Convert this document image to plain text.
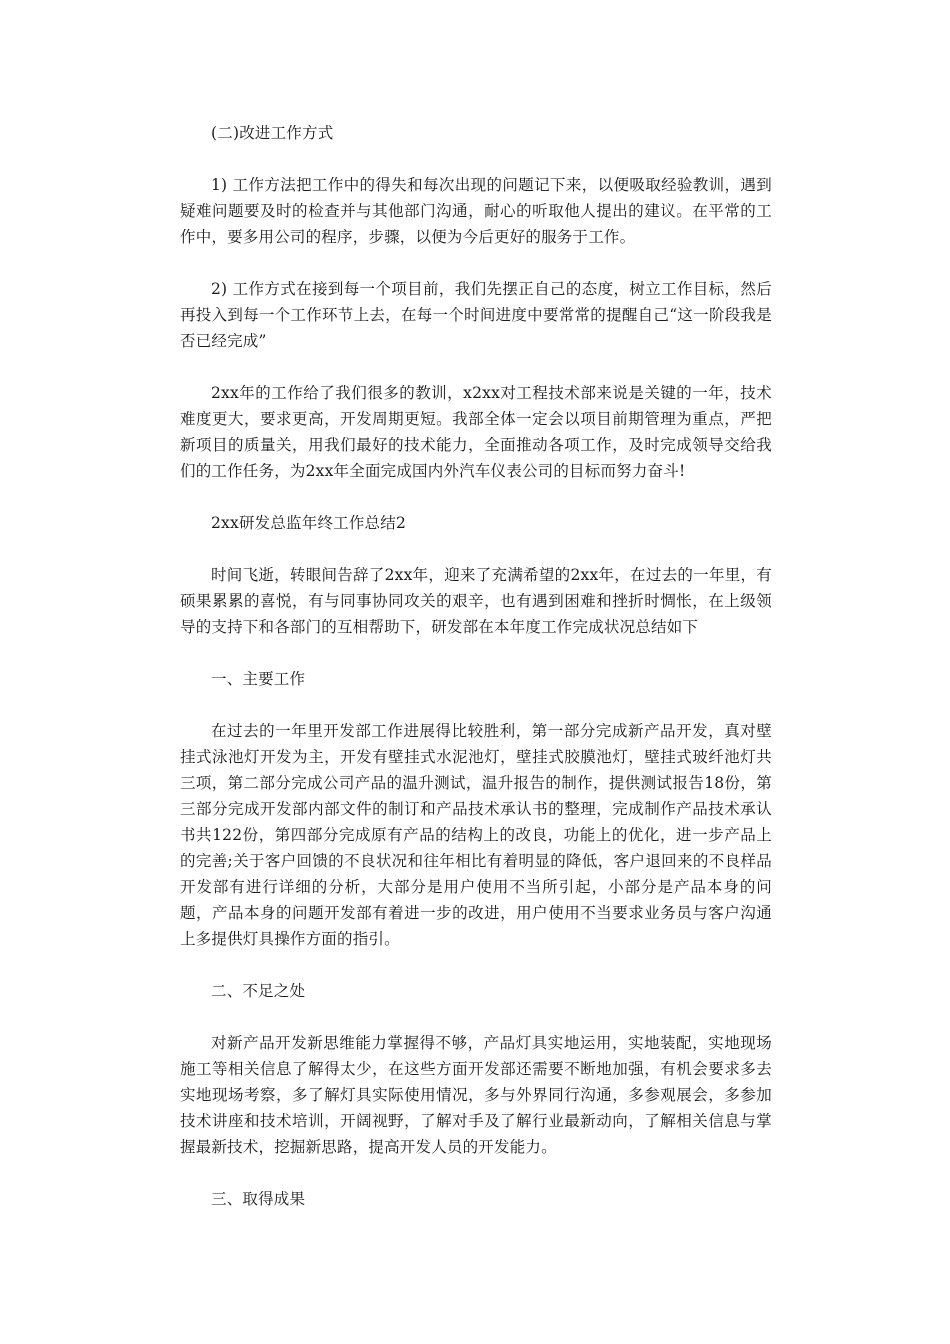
(二)改进工作方式

1) 工作方法把工作中的得失和每次出现的问题记下来，以便吸取经验教训，遇到疑难问题要及时的检查并与其他部门沟通，耐心的听取他人提出的建议。在平常的工作中，要多用公司的程序，步骤，以便为今后更好的服务于工作。

2) 工作方式在接到每一个项目前，我们先摆正自己的态度，树立工作目标，然后再投入到每一个工作环节上去，在每一个时间进度中要常常的提醒自己“这一阶段我是否已经完成”

2xx年的工作给了我们很多的教训，x2xx对工程技术部来说是关键的一年，技术难度更大，要求更高，开发周期更短。我部全体一定会以项目前期管理为重点，严把新项目的质量关，用我们最好的技术能力，全面推动各项工作，及时完成领导交给我们的工作任务，为2xx年全面完成国内外汽车仪表公司的目标而努力奋斗!

2xx研发总监年终工作总结2

时间飞逝，转眼间告辞了2xx年，迎来了充满希望的2xx年，在过去的一年里，有硕果累累的喜悦，有与同事协同攻关的艰辛，也有遇到困难和挫折时惆怅，在上级领导的支持下和各部门的互相帮助下，研发部在本年度工作完成状况总结如下

一、主要工作

在过去的一年里开发部工作进展得比较胜利，第一部分完成新产品开发，真对壁挂式泳池灯开发为主，开发有壁挂式水泥池灯，壁挂式胶膜池灯，壁挂式玻纤池灯共三项，第二部分完成公司产品的温升测试，温升报告的制作，提供测试报告18份，第三部分完成开发部内部文件的制订和产品技术承认书的整理，完成制作产品技术承认书共122份，第四部分完成原有产品的结构上的改良，功能上的优化，进一步产品上的完善;关于客户回馈的不良状况和往年相比有着明显的降低，客户退回来的不良样品开发部有进行详细的分析，大部分是用户使用不当所引起，小部分是产品本身的问题，产品本身的问题开发部有着进一步的改进，用户使用不当要求业务员与客户沟通上多提供灯具操作方面的指引。

二、不足之处

对新产品开发新思维能力掌握得不够，产品灯具实地运用，实地装配，实地现场施工等相关信息了解得太少，在这些方面开发部还需要不断地加强，有机会要求多去实地现场考察，多了解灯具实际使用情况，多与外界同行沟通，多参观展会，多参加技术讲座和技术培训，开阔视野，了解对手及了解行业最新动向，了解相关信息与掌握最新技术，挖掘新思路，提高开发人员的开发能力。

三、取得成果
